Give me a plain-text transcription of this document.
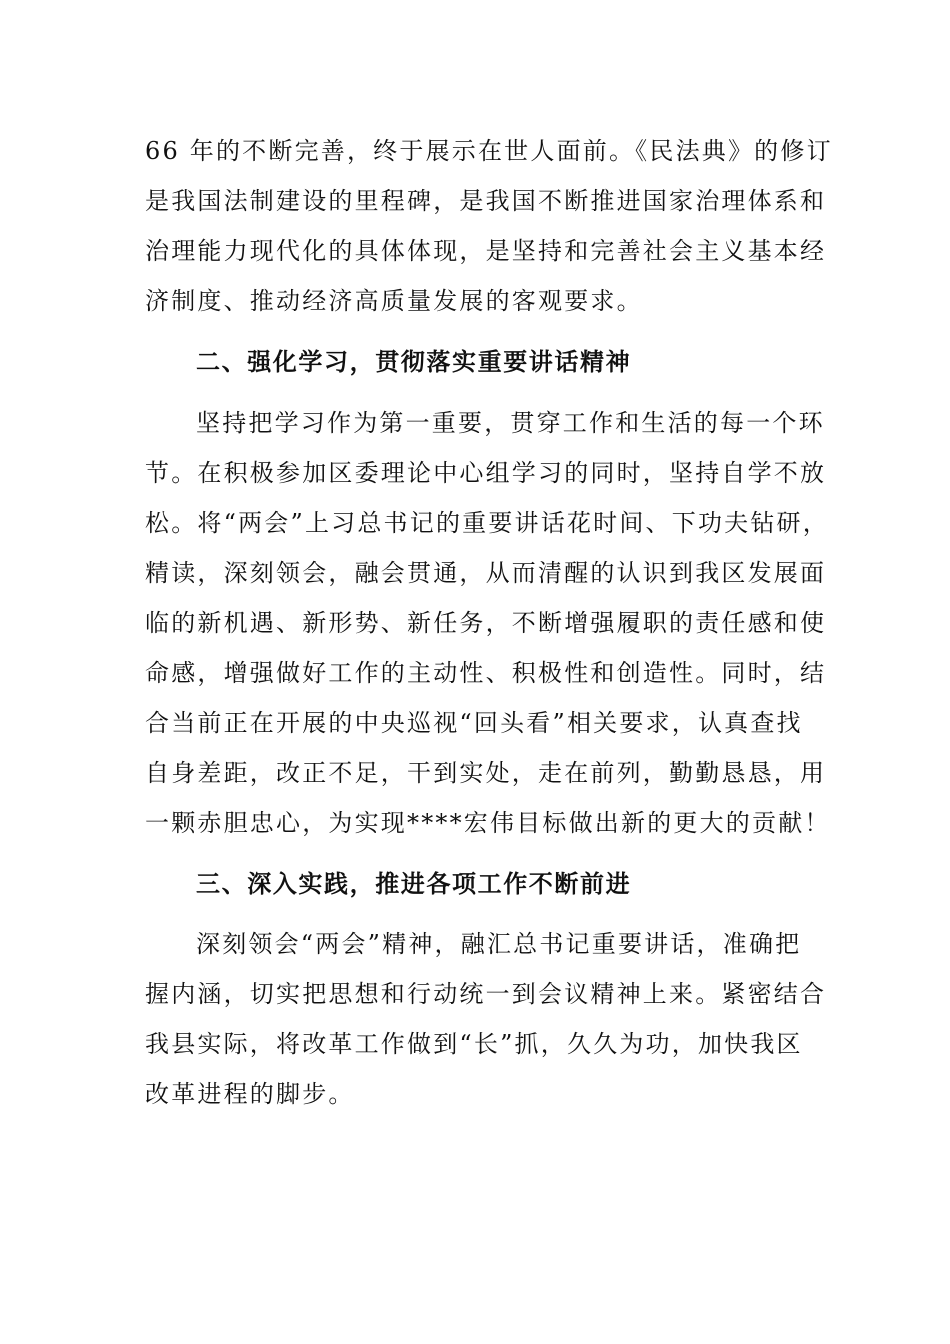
66 年的不断完善，终于展示在世人面前。《民法典》的修订
是我国法制建设的里程碑，是我国不断推进国家治理体系和
治理能力现代化的具体体现，是坚持和完善社会主义基本经
济制度、推动经济高质量发展的客观要求。
二、强化学习，贯彻落实重要讲话精神
坚持把学习作为第一重要，贯穿工作和生活的每一个环
节。在积极参加区委理论中心组学习的同时，坚持自学不放
松。将“两会”上习总书记的重要讲话花时间、下功夫钻研，
精读，深刻领会，融会贯通，从而清醒的认识到我区发展面
临的新机遇、新形势、新任务，不断增强履职的责任感和使
命感，增强做好工作的主动性、积极性和创造性。同时，结
合当前正在开展的中央巡视“回头看”相关要求，认真查找
自身差距，改正不足，干到实处，走在前列，勤勤恳恳，用
一颗赤胆忠心，为实现****宏伟目标做出新的更大的贡献！
三、深入实践，推进各项工作不断前进
深刻领会“两会”精神，融汇总书记重要讲话，准确把
握内涵，切实把思想和行动统一到会议精神上来。紧密结合
我县实际，将改革工作做到“长”抓，久久为功，加快我区
改革进程的脚步。
